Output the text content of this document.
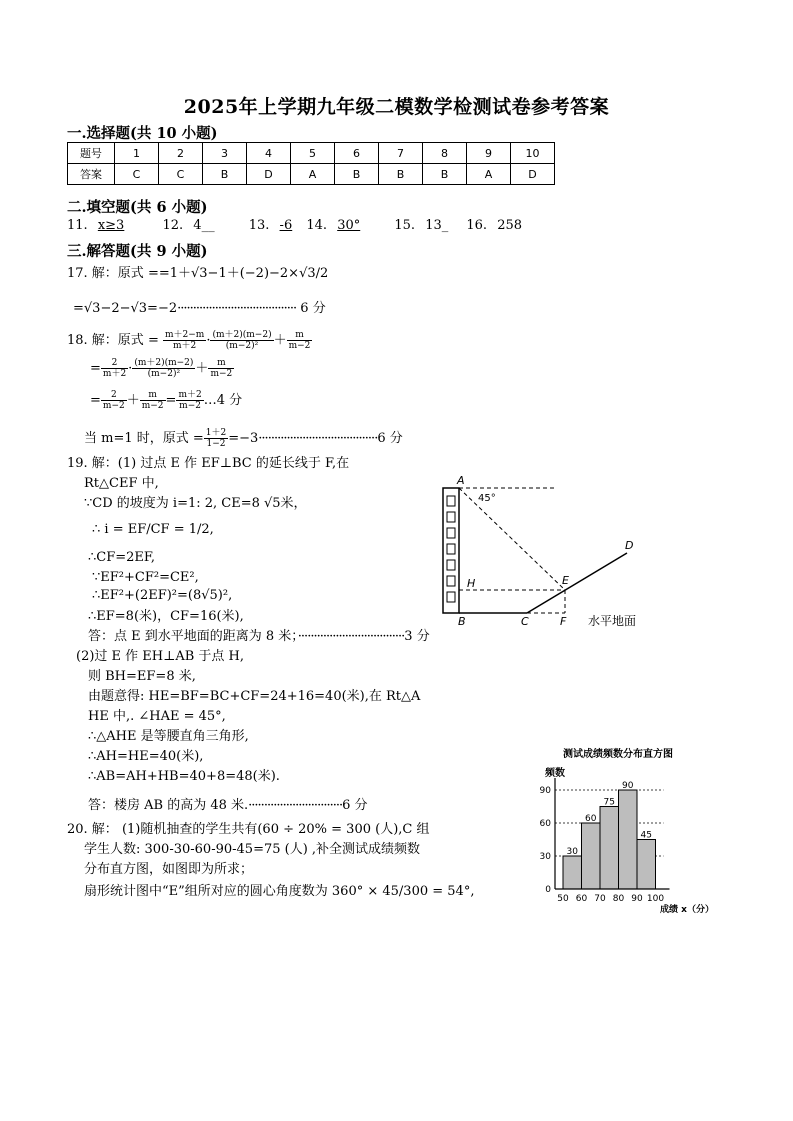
2025年上学期九年级二模数学检测试卷参考答案
一.选择题(共 10 小题)
题号	1	2	3	4	5	6	7	8	9	10
答案	C	C	B	D	A	B	B	B	A	D
二.填空题(共 6 小题)
11. x≥3	12. 4__	13. -6 14. 30°	15. 13_ 16. 258
三.解答题(共 9 小题)
17. 解：原式 ==1＋√3−1＋(−2)−2×√3/2
=√3−2−√3=−2······································ 6 分
18. 解：原式 = $\frac{m+2-m}{m+2} \cdot \frac{(m+2)(m-2)}{\text{(m−2)²}} + \frac{m}{m-2}$
= $\frac{2}{m+2} \cdot \frac{(m+2)(m-2)}{\text{(m−2)²}} + \frac{m}{m-2}$
= $\frac{2}{m-2} + \frac{m}{m-2} = \frac{m+2}{m-2}$ …4 分
当 m=1 时，原式 = $\frac{1+2}{1-2} =-3\cdot\cdot\cdot\cdot\cdot\cdot\cdot\cdot\cdot\cdot\cdot\cdot\cdot\cdot\cdot\cdot\cdot\cdot\cdot\cdot\cdot\cdot\cdot\cdot\cdot\cdot\cdot\cdot\cdot\cdot\cdot\cdot\cdot\cdot\cdot\cdot\cdot\cdot 6$ 分
19. 解：(1) 过点 E 作 EF⊥BC 的延长线于 F,在
Rt△CEF 中,
∵CD 的坡度为 i=1: 2, CE=8 √5米，
∴ i = EF/CF = 1/2,
∴CF=2EF,
∵EF²+CF²=CE²,
∴EF²+(2EF)²=(8√5)²,
∴EF=8(米)，CF=16(米),
答：点 E 到水平地面的距离为 8 米；··································3 分
(2)过 E 作 EH⊥AB 于点 H,
则 BH=EF=8 米,
由题意得: HE=BF=BC+CF=24+16=40(米),在 Rt△A
HE 中,. ∠HAE = 45°,
∴△AHE 是等腰直角三角形,
∴AH=HE=40(米),
∴AB=AH+HB=40+8=48(米).
答：楼房 AB 的高为 48 米.······························6 分
20. 解： (1)随机抽查的学生共有(60 ÷ 20% = 300 (人),C 组
学生人数: 300-30-60-90-45=75 (人) ,补全测试成绩频数
分布直方图，如图即为所求；
扇形统计图中“E”组所对应的圆心角度数为 360° × 45/300 = 54°,
A
B	C	F
E
H
D
45°
水平地面
测试成绩频数分布直方图
频数
成绩 x（分）
30
60
75
90
45
0
30
60
90
50 60 70 80 90 100
